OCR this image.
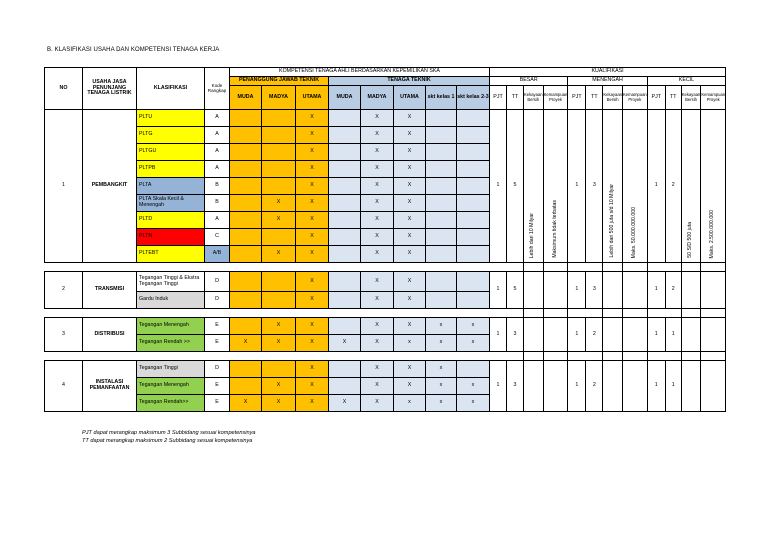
B. KLASIFIKASI USAHA DAN KOMPETENSI TENAGA KERJA
NO	USAHA JASA PENUNJANG TENAGA LISTRIK	KLASIFIKASI	Kode Rangkap	KOMPETENSI TENAGA AHLI BERDASARKAN KEPEMILIKAN SKA								KUALIFIKASI											
				PENANGGUNG JAWAB TEKNIK			TENAGA TEKNIK					BESAR				MENENGAH				KECIL			
				MUDA	MADYA	UTAMA	MUDA	MADYA	UTAMA	skt kelas 1	skt kelas 2-3	PJT	TT	Kekayaan Bersih	Kemampuan Proyek	PJT	TT	Kekayaan Bersih	Kemampuan Proyek	PJT	TT	Kekayaan Bersih	Kemampuan Proyek
1	PEMBANGKIT	PLTU	A			X		X	X			1	5	Lebih dari 10 Milyar	Maksimum tidak terbatas	1	3	Lebih dari 500 juta s/d 10 Milyar	Maks. 50.000.000.000	1	2	50 S/D 500 juta	Maks. 2.500.000.000

		PLTG	A			X		X	X														
		PLTGU	A			X		X	X														
		PLTPB	A			X		X	X														
		PLTA	B			X		X	X														
		PLTA Skala Kecil & Menengah	B		X	X		X	X														
		PLTD	A		X	X		X	X														
		PLTN	C			X		X	X														
		PLTEBT	A/B		X	X		X	X														

2	TRANSMISI	Tegangan Tinggi & Ekstra Tegangan Tinggi	D			X		X	X			1	5			1	3			1	2		
		Gardu Induk	D			X		X	X														

3	DISTRIBUSI	Tegangan Menengah	E		X	X		X	X	x	x	1	3			1	2			1	1		
		Tegangan Rendah >>	E	X	X	X	X	X	x	x	x												

4	INSTALASI PEMANFAATAN	Tegangan Tinggi	D			X		X	X	x		1	3			1	2			1	1		
		Tegangan Menengah	E		X	X		X	X	x	x												
		Tegangan Rendah>>	E	X	X	X	X	X	x	x	x												
PJT dapat merangkap maksimum 3 Subbidang sesuai kompetensinya
TT dapat merangkap maksimum 2 Subbidang sesuai kompetensinya
